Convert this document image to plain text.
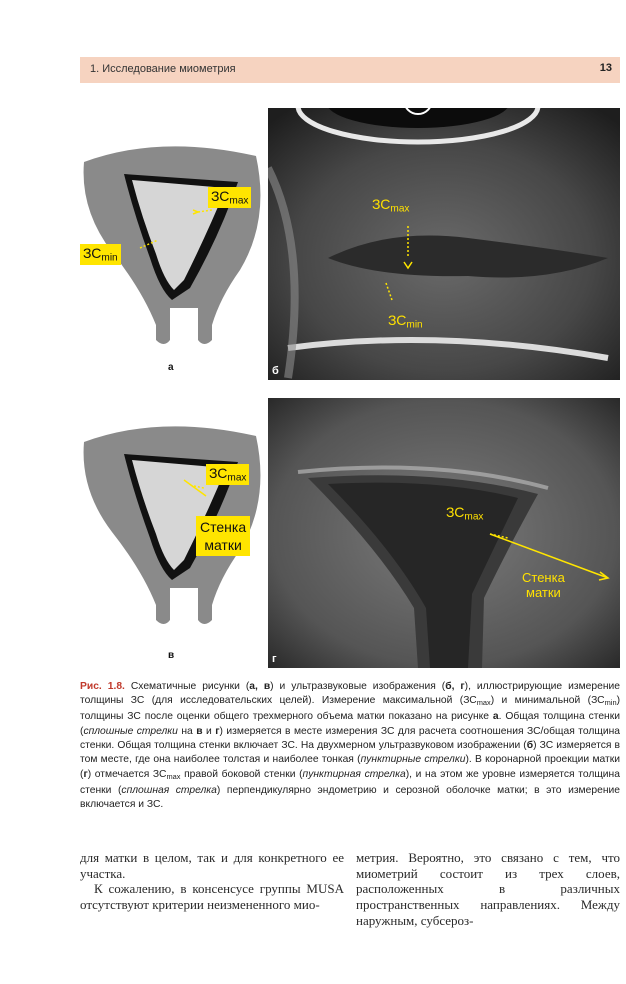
1. Исследование миометрия	13
$ЗС_{max}$
$ЗС_{min}$
а
$ЗС_{max}$
$ЗС_{min}$
б
$ЗС_{max}$
Стенка
матки
в
$ЗС_{max}$
Стенка
матки
г
Рис. 1.8. Схематичные рисунки (а, в) и ультразвуковые изображения (б, г), иллюстрирующие измерение толщины ЗС (для исследовательских целей). Измерение максимальной $(ЗС_{max})$ и минимальной $(ЗС_{min})$ толщины ЗС после оценки общего трехмерного объема матки показано на рисунке а. Общая толщина стенки (сплошные стрелки на в и г) измеряется в месте измерения ЗС для расчета соотношения ЗС/общая толщина стенки. Общая толщина стенки включает ЗС. На двухмерном ультразвуковом изображении (б) ЗС измеряется в том месте, где она наиболее толстая и наиболее тонкая (пунктирные стрелки). В коронарной проекции матки (г) отмечается $ЗС_{max}$ правой боковой стенки (пунктирная стрелка), и на этом же уровне измеряется толщина стенки (сплошная стрелка) перпендикулярно эндометрию и серозной оболочке матки; в это измерение включается и ЗС.

для матки в целом, так и для конкретного ее участка.

К сожалению, в консенсусе группы MUSA отсутствуют критерии неизмененного мио-

метрия. Вероятно, это связано с тем, что миометрий состоит из трех слоев, расположенных в различных пространственных направлениях. Между наружным, субсероз-
